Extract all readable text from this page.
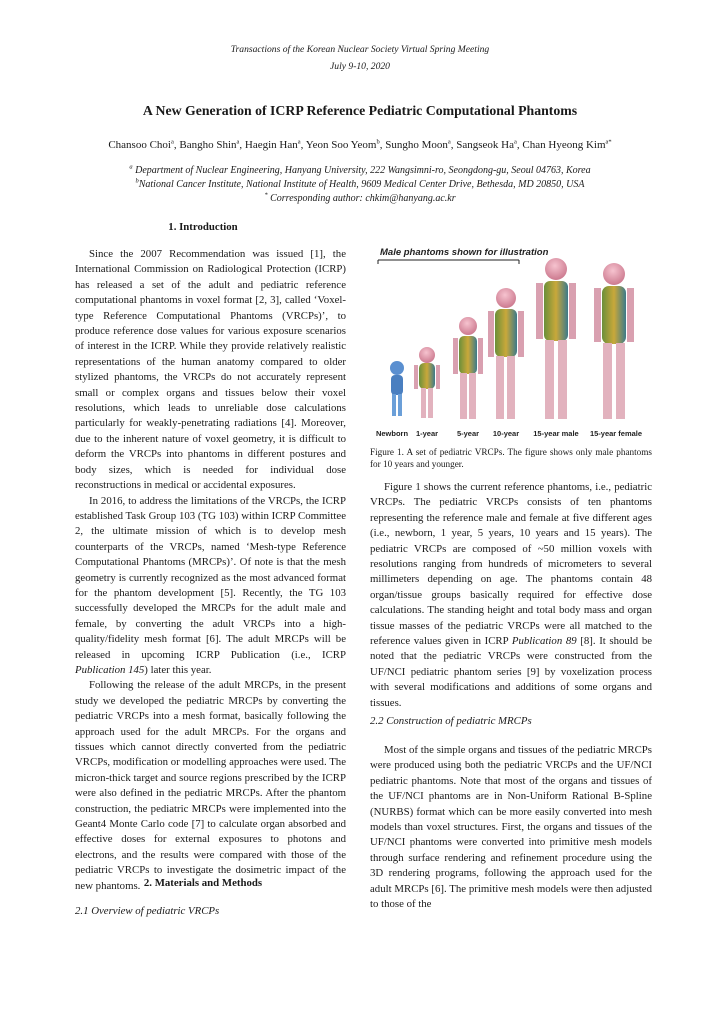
Transactions of the Korean Nuclear Society Virtual Spring Meeting
July 9-10, 2020
A New Generation of ICRP Reference Pediatric Computational Phantoms
Chansoo Choi$^a$, Bangho Shin$^a$, Haegin Han$^a$, Yeon Soo Yeom$^b$, Sungho Moon$^a$, Sangseok Ha$^a$, Chan Hyeong Kim$^{a*}$
$^a$ Department of Nuclear Engineering, Hanyang University, 222 Wangsimni-ro, Seongdong-gu, Seoul 04763, Korea
$^b$National Cancer Institute, National Institute of Health, 9609 Medical Center Drive, Bethesda, MD 20850, USA
* Corresponding author: chkim@hanyang.ac.kr
1. Introduction

Since the 2007 Recommendation was issued [1], the International Commission on Radiological Protection (ICRP) has released a set of the adult and pediatric reference computational phantoms in voxel format [2, 3], called ‘Voxel-type Reference Computational Phantoms (VRCPs)’, to produce reference dose values for various exposure scenarios of interest in the ICRP. While they provide relatively realistic representations of the human anatomy compared to older stylized phantoms, the VRCPs do not accurately represent small or complex organs and tissues below their voxel resolutions, which leads to unreliable dose calculations particularly for weakly-penetrating radiations [4]. Moreover, due to the inherent nature of voxel geometry, it is difficult to deform the VRCPs into phantoms in different postures and body sizes, which is needed for individual dose reconstructions in medical or accidental exposures.

In 2016, to address the limitations of the VRCPs, the ICRP established Task Group 103 (TG 103) within ICRP Committee 2, the ultimate mission of which is to develop mesh counterparts of the VRCPs, named ‘Mesh-type Reference Computational Phantoms (MRCPs)’. Of note is that the mesh geometry is currently recognized as the most advanced format for the phantom development [5]. Recently, the TG 103 successfully developed the MRCPs for the adult male and female, by converting the adult VRCPs into a high-quality/fidelity mesh format [6]. The adult MRCPs will be released in upcoming ICRP Publication (i.e., ICRP Publication 145) later this year.

Following the release of the adult MRCPs, in the present study we developed the pediatric MRCPs by converting the pediatric VRCPs into a mesh format, basically following the approach used for the adult MRCPs. For the organs and tissues which cannot directly converted from the pediatric VRCPs, modification or modelling approaches were used. The micron-thick target and source regions prescribed by the ICRP were also defined in the pediatric MRCPs. After the phantom construction, the pediatric MRCPs were implemented into the Geant4 Monte Carlo code [7] to calculate organ absorbed and effective doses for external exposures to photons and electrons, and the results were compared with those of the pediatric VRCPs to investigate the dosimetric impact of the new phantoms. 2. Materials and Methods
2.1 Overview of pediatric VRCPs
Male phantoms shown for illustration
Newborn 1-year	5-year 10-year 15-year male 15-year female
Figure 1. A set of pediatric VRCPs. The figure shows only male phantoms for 10 years and younger.

Figure 1 shows the current reference phantoms, i.e., pediatric VRCPs. The pediatric VRCPs consists of ten phantoms representing the reference male and female at five different ages (i.e., newborn, 1 year, 5 years, 10 years and 15 years). The pediatric VRCPs are composed of ~50 million voxels with resolutions ranging from hundreds of micrometers to several millimeters depending on age. The phantoms contain 48 organ/tissue groups basically required for effective dose calculations. The standing height and total body mass and organ tissue masses of the pediatric VRCPs were all matched to the reference values given in ICRP Publication 89 [8]. It should be noted that the pediatric VRCPs were constructed from the UF/NCI pediatric phantom series [9] by voxelization process with several modifications and additions of some organs and tissues.

2.2 Construction of pediatric MRCPs

Most of the simple organs and tissues of the pediatric MRCPs were produced using both the pediatric VRCPs and the UF/NCI pediatric phantoms. Note that most of the organs and tissues of the UF/NCI phantoms are in Non-Uniform Rational B-Spline (NURBS) format which can be more easily converted into mesh models than voxel structures. First, the organs and tissues of the UF/NCI phantoms were converted into primitive mesh models through surface rendering and refinement procedure using the 3D rendering programs, following the approach used for the adult MRCPs [6]. The primitive mesh models were then adjusted to those of the
